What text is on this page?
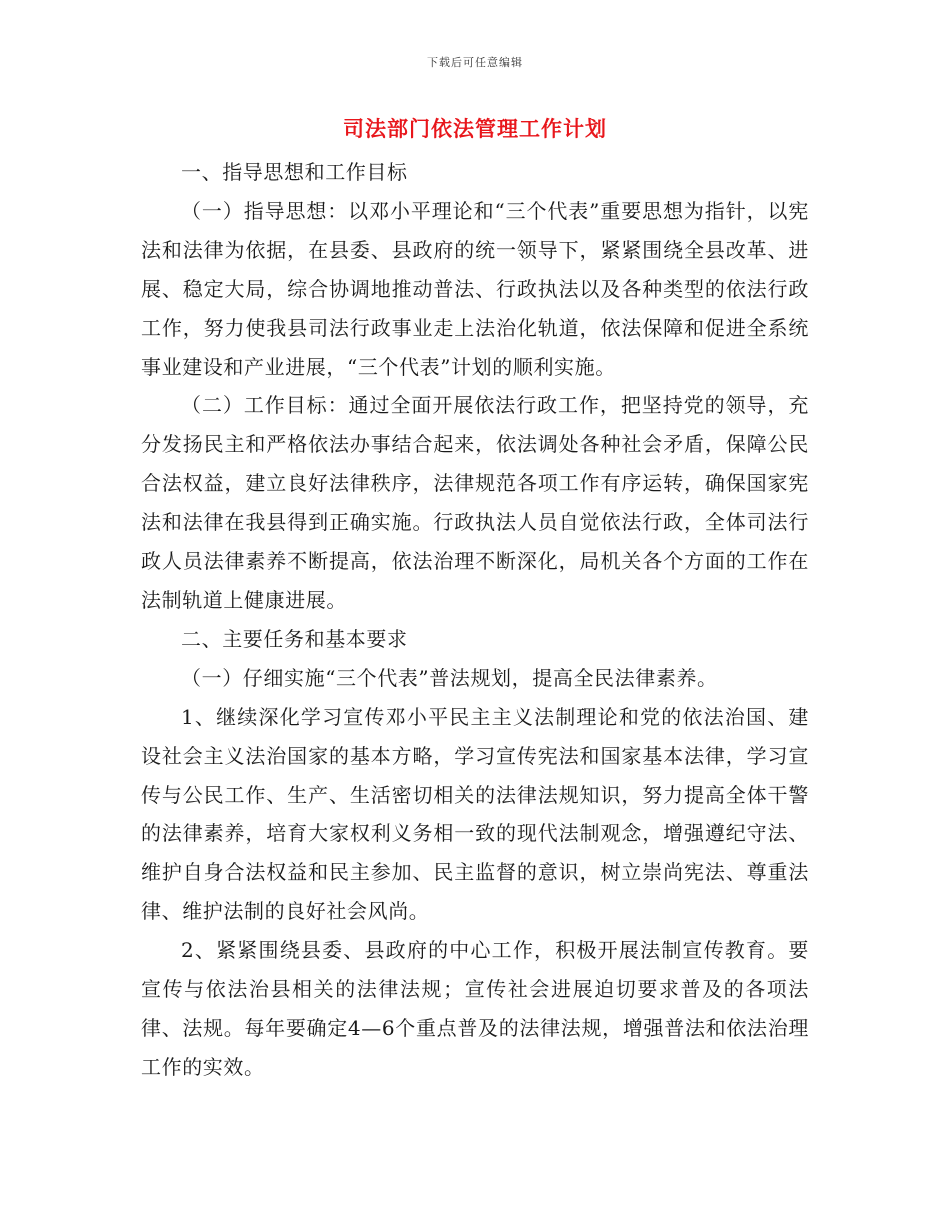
下载后可任意编辑
司法部门依法管理工作计划

一、指导思想和工作目标

（一）指导思想：以邓小平理论和“三个代表”重要思想为指针，以宪法和法律为依据，在县委、县政府的统一领导下，紧紧围绕全县改革、进展、稳定大局，综合协调地推动普法、行政执法以及各种类型的依法行政工作，努力使我县司法行政事业走上法治化轨道，依法保障和促进全系统事业建设和产业进展，“三个代表”计划的顺利实施。

（二）工作目标：通过全面开展依法行政工作，把坚持党的领导，充分发扬民主和严格依法办事结合起来，依法调处各种社会矛盾，保障公民合法权益，建立良好法律秩序，法律规范各项工作有序运转，确保国家宪法和法律在我县得到正确实施。行政执法人员自觉依法行政，全体司法行政人员法律素养不断提高，依法治理不断深化，局机关各个方面的工作在法制轨道上健康进展。

二、主要任务和基本要求

（一）仔细实施“三个代表”普法规划，提高全民法律素养。

1、继续深化学习宣传邓小平民主主义法制理论和党的依法治国、建设社会主义法治国家的基本方略，学习宣传宪法和国家基本法律，学习宣传与公民工作、生产、生活密切相关的法律法规知识，努力提高全体干警的法律素养，培育大家权利义务相一致的现代法制观念，增强遵纪守法、维护自身合法权益和民主参加、民主监督的意识，树立崇尚宪法、尊重法律、维护法制的良好社会风尚。

2、紧紧围绕县委、县政府的中心工作，积极开展法制宣传教育。要宣传与依法治县相关的法律法规；宣传社会进展迫切要求普及的各项法律、法规。每年要确定4—6个重点普及的法律法规，增强普法和依法治理工作的实效。
